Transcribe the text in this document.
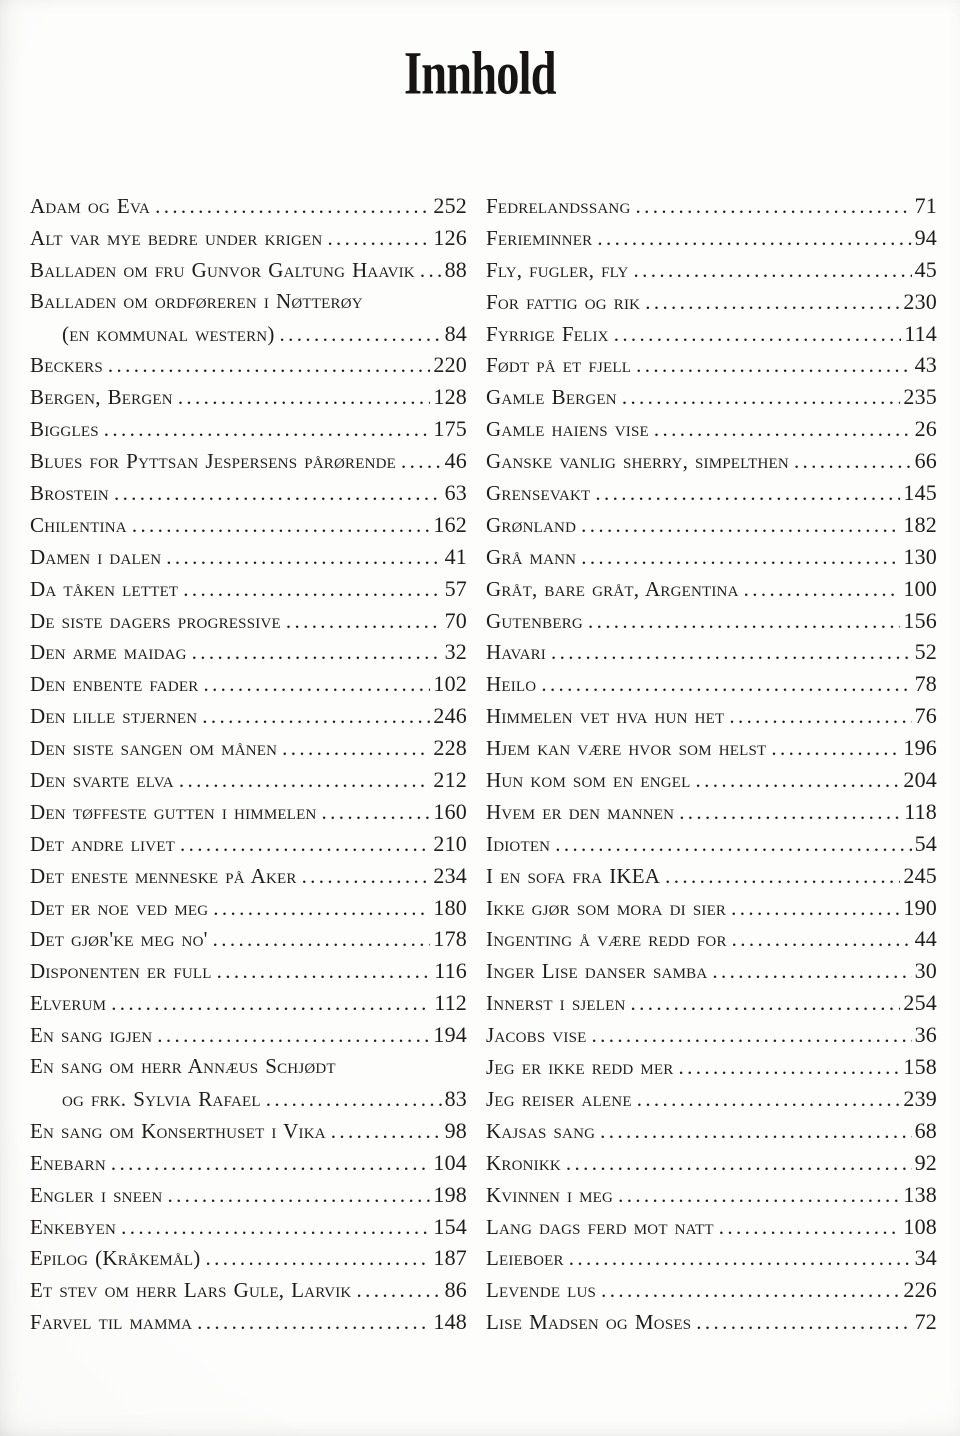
Innhold
Adam og Eva .....	252
Alt var mye bedre under krigen .....	126
Balladen om fru Gunvor Galtung Haavik ..... 88
Balladen om ordføreren i Nøtterøy
(en kommunal western) .....	84
Beckers .....	220
Bergen, Bergen .....	128
Biggles .....	175
Blues for Pyttsan Jespersens pårørende ..... 46
Brostein .....	63
Chilentina .....	162
Damen i dalen .....	41
Da tåken lettet .....	57
De siste dagers progressive .....	70
Den arme maidag .....	32
Den enbente fader .....	102
Den lille stjernen .....	246
Den siste sangen om månen .....	228
Den svarte elva .....	212
Den tøffeste gutten i himmelen .....	160
Det andre livet .....	210
Det eneste menneske på Aker .....	234
Det er noe ved meg .....	180
Det gjør'ke meg no' .....	178
Disponenten er full .....	116
Elverum .....	112
En sang igjen .....	194
En sang om herr Annæus Schjødt
og frk. Sylvia Rafael .....	83
En sang om Konserthuset i Vika .....	98
Enebarn .....	104
Engler i sneen .....	198
Enkebyen .....	154
Epilog (Kråkemål) .....	187
Et stev om herr Lars Gule, Larvik .....	86
Farvel til mamma .....	148
Fedrelandssang .....	71
Ferieminner .....	94
Fly, fugler, fly .....	45
For fattig og rik .....	230
Fyrrige Felix .....	114
Født på et fjell .....	43
Gamle Bergen .....	235
Gamle haiens vise .....	26
Ganske vanlig sherry, simpelthen .....	66
Grensevakt .....	145
Grønland .....	182
Grå mann .....	130
Gråt, bare gråt, Argentina .....	100
Gutenberg .....	156
Havari .....	52
Heilo .....	78
Himmelen vet hva hun het .....	76
Hjem kan være hvor som helst .....	196
Hun kom som en engel .....	204
Hvem er den mannen .....	118
Idioten .....	54
I en sofa fra IKEA .....	245
Ikke gjør som mora di sier .....	190
Ingenting å være redd for .....	44
Inger Lise danser samba .....	30
Innerst i sjelen .....	254
Jacobs vise .....	36
Jeg er ikke redd mer .....	158
Jeg reiser alene .....	239
Kajsas sang .....	68
Kronikk .....	92
Kvinnen i meg .....	138
Lang dags ferd mot natt .....	108
Leieboer .....	34
Levende lus .....	226
Lise Madsen og Moses .....	72
